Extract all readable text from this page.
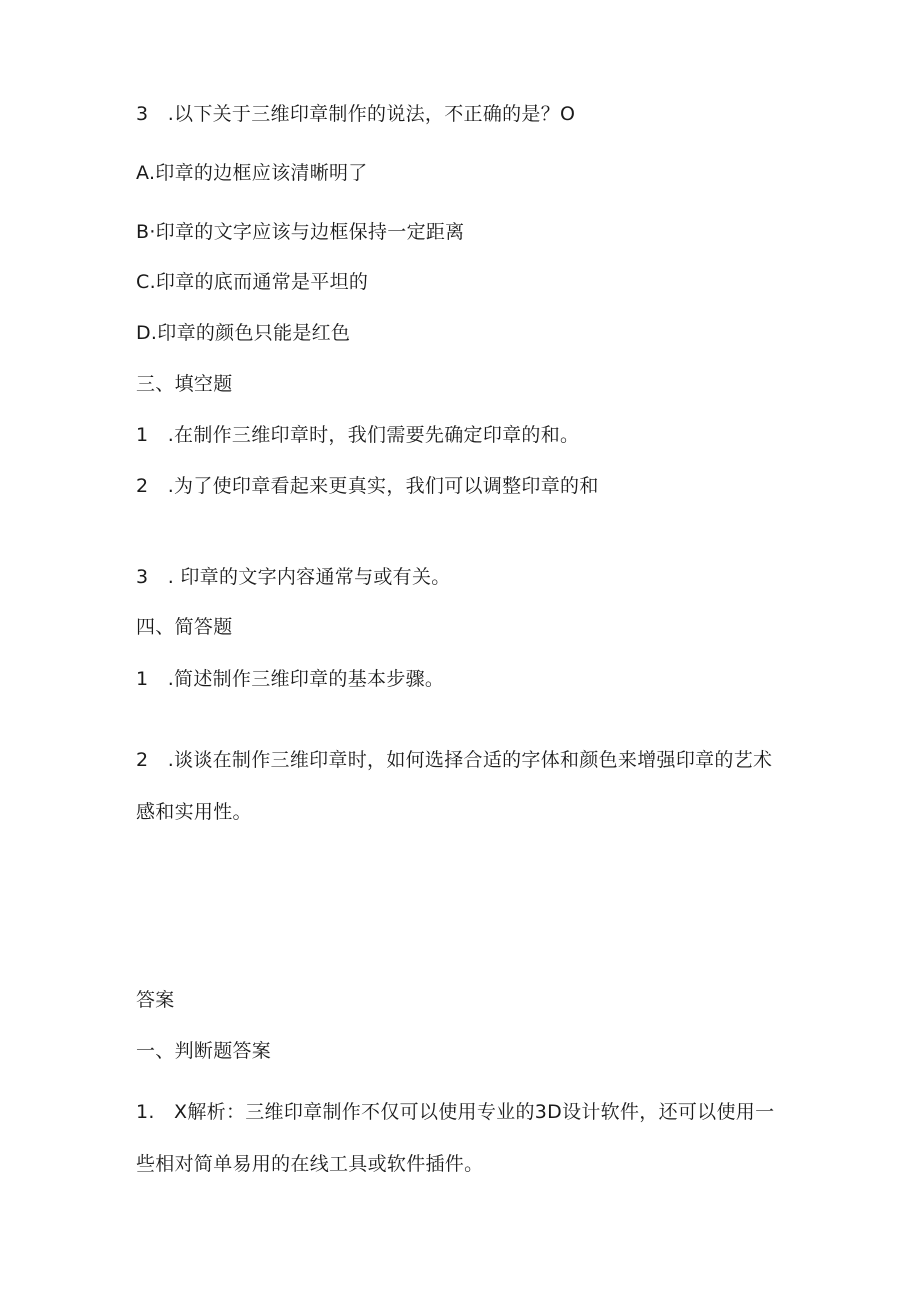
3　.以下关于三维印章制作的说法，不正确的是？O
A.印章的边框应该清晰明了
B·印章的文字应该与边框保持一定距离
C.印章的底而通常是平坦的
D.印章的颜色只能是红色
三、填空题
1　.在制作三维印章时，我们需要先确定印章的和。
2　.为了使印章看起来更真实，我们可以调整印章的和
3　. 印章的文字内容通常与或有关。
四、简答题
1　.简述制作三维印章的基本步骤。
2　.谈谈在制作三维印章时，如何选择合适的字体和颜色来增强印章的艺术感和实用性。
答案
一、判断题答案
1.　X解析：三维印章制作不仅可以使用专业的3D设计软件，还可以使用一些相对简单易用的在线工具或软件插件。
